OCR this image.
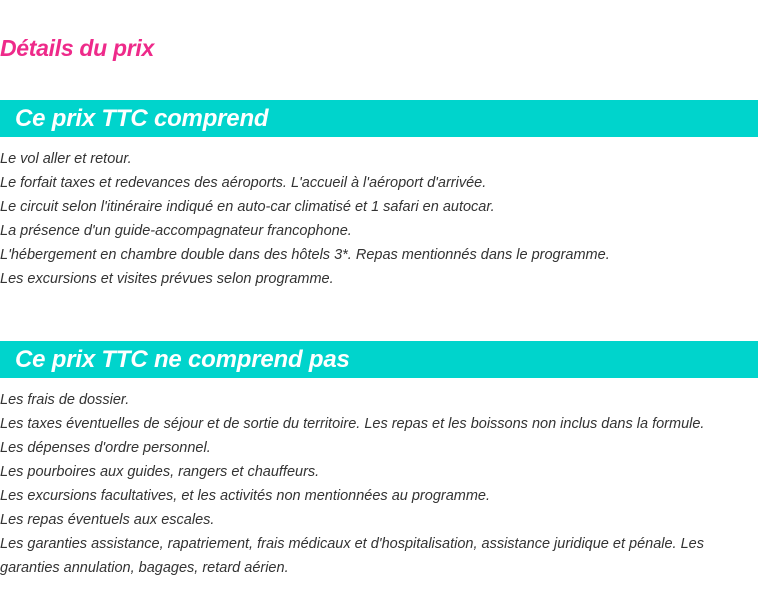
Détails du prix
Ce prix TTC comprend
Le vol aller et retour.
Le forfait taxes et redevances des aéroports. L'accueil à l'aéroport d'arrivée.
Le circuit selon l'itinéraire indiqué en auto-car climatisé et 1 safari en autocar.
La présence d'un guide-accompagnateur francophone.
L'hébergement en chambre double dans des hôtels 3*. Repas mentionnés dans le programme.
Les excursions et visites prévues selon programme.
Ce prix TTC ne comprend pas
Les frais de dossier.
Les taxes éventuelles de séjour et de sortie du territoire. Les repas et les boissons non inclus dans la formule.
Les dépenses d'ordre personnel.
Les pourboires aux guides, rangers et chauffeurs.
Les excursions facultatives, et les activités non mentionnées au programme.
Les repas éventuels aux escales.
Les garanties assistance, rapatriement, frais médicaux et d'hospitalisation, assistance juridique et pénale. Les garanties annulation, bagages, retard aérien.
